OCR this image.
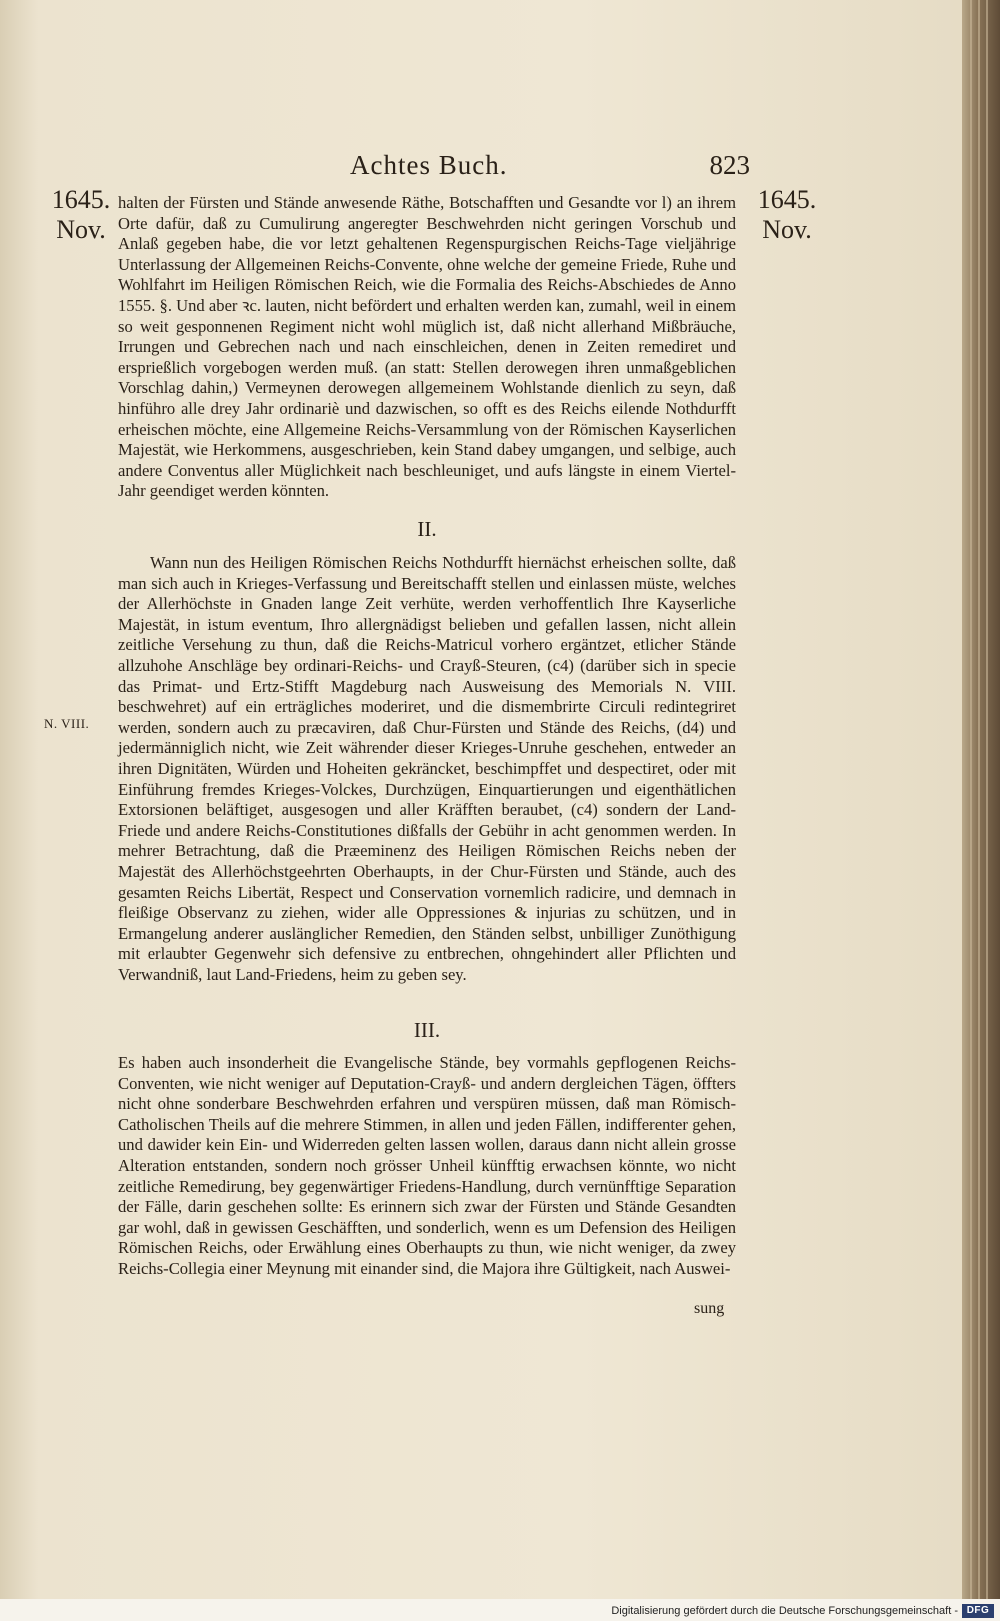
Achtes Buch.	823
1645.
Nov.
1645.
Nov.
N. VIII.
halten der Fürsten und Stände anwesende Räthe, Botschafften und Gesandte vor l) an ihrem Orte dafür, daß zu Cumulirung angeregter Beschwehrden nicht geringen Vorschub und Anlaß gegeben habe, die vor letzt gehaltenen Regenspurgischen Reichs-Tage vieljährige Unterlassung der Allgemeinen Reichs-Convente, ohne welche der gemeine Friede, Ruhe und Wohlfahrt im Heiligen Römischen Reich, wie die Formalia des Reichs-Abschiedes de Anno 1555. §. Und aber ꝛc. lauten, nicht befördert und erhalten werden kan, zumahl, weil in einem so weit gesponnenen Regiment nicht wohl müglich ist, daß nicht allerhand Mißbräuche, Irrungen und Gebrechen nach und nach einschleichen, denen in Zeiten remediret und ersprießlich vorgebogen werden muß. (an statt: Stellen derowegen ihren unmaßgeblichen Vorschlag dahin,) Vermeynen derowegen allgemeinem Wohlstande dienlich zu seyn, daß hinführo alle drey Jahr ordinariè und dazwischen, so offt es des Reichs eilende Nothdurfft erheischen möchte, eine Allgemeine Reichs-Versammlung von der Römischen Kayserlichen Majestät, wie Herkommens, ausgeschrieben, kein Stand dabey umgangen, und selbige, auch andere Conventus aller Müglichkeit nach beschleuniget, und aufs längste in einem Viertel-Jahr geendiget werden könnten.
II.
Wann nun des Heiligen Römischen Reichs Nothdurfft hiernächst erheischen sollte, daß man sich auch in Krieges-Verfassung und Bereitschafft stellen und einlassen müste, welches der Allerhöchste in Gnaden lange Zeit verhüte, werden verhoffentlich Ihre Kayserliche Majestät, in istum eventum, Ihro allergnädigst belieben und gefallen lassen, nicht allein zeitliche Versehung zu thun, daß die Reichs-Matricul vorhero ergäntzet, etlicher Stände allzuhohe Anschläge bey ordinari-Reichs- und Crayß-Steuren, (c4) (darüber sich in specie das Primat- und Ertz-Stifft Magdeburg nach Ausweisung des Memorials N. VIII. beschwehret) auf ein erträgliches moderiret, und die dismembrirte Circuli redintegriret werden, sondern auch zu præcaviren, daß Chur-Fürsten und Stände des Reichs, (d4) und jedermänniglich nicht, wie Zeit währender dieser Krieges-Unruhe geschehen, entweder an ihren Dignitäten, Würden und Hoheiten gekräncket, beschimpffet und despectiret, oder mit Einführung fremdes Krieges-Volckes, Durchzügen, Einquartierungen und eigenthätlichen Extorsionen beläftiget, ausgesogen und aller Kräfften beraubet, (c4) sondern der Land-Friede und andere Reichs-Constitutiones dißfalls der Gebühr in acht genommen werden. In mehrer Betrachtung, daß die Præeminenz des Heiligen Römischen Reichs neben der Majestät des Allerhöchstgeehrten Oberhaupts, in der Chur-Fürsten und Stände, auch des gesamten Reichs Libertät, Respect und Conservation vornemlich radicire, und demnach in fleißige Observanz zu ziehen, wider alle Oppressiones & injurias zu schützen, und in Ermangelung anderer auslänglicher Remedien, den Ständen selbst, unbilliger Zunöthigung mit erlaubter Gegenwehr sich defensive zu entbrechen, ohngehindert aller Pflichten und Verwandniß, laut Land-Friedens, heim zu geben sey.
III.
Es haben auch insonderheit die Evangelische Stände, bey vormahls gepflogenen Reichs-Conventen, wie nicht weniger auf Deputation-Crayß- und andern dergleichen Tägen, öffters nicht ohne sonderbare Beschwehrden erfahren und verspüren müssen, daß man Römisch-Catholischen Theils auf die mehrere Stimmen, in allen und jeden Fällen, indifferenter gehen, und dawider kein Ein- und Widerreden gelten lassen wollen, daraus dann nicht allein grosse Alteration entstanden, sondern noch grösser Unheil künfftig erwachsen könnte, wo nicht zeitliche Remedirung, bey gegenwärtiger Friedens-Handlung, durch vernünfftige Separation der Fälle, darin geschehen sollte: Es erinnern sich zwar der Fürsten und Stände Gesandten gar wohl, daß in gewissen Geschäfften, und sonderlich, wenn es um Defension des Heiligen Römischen Reichs, oder Erwählung eines Oberhaupts zu thun, wie nicht weniger, da zwey Reichs-Collegia einer Meynung mit einander sind, die Majora ihre Gültigkeit, nach Auswei-
sung
Digitalisierung gefördert durch die Deutsche Forschungsgemeinschaft - DFG
